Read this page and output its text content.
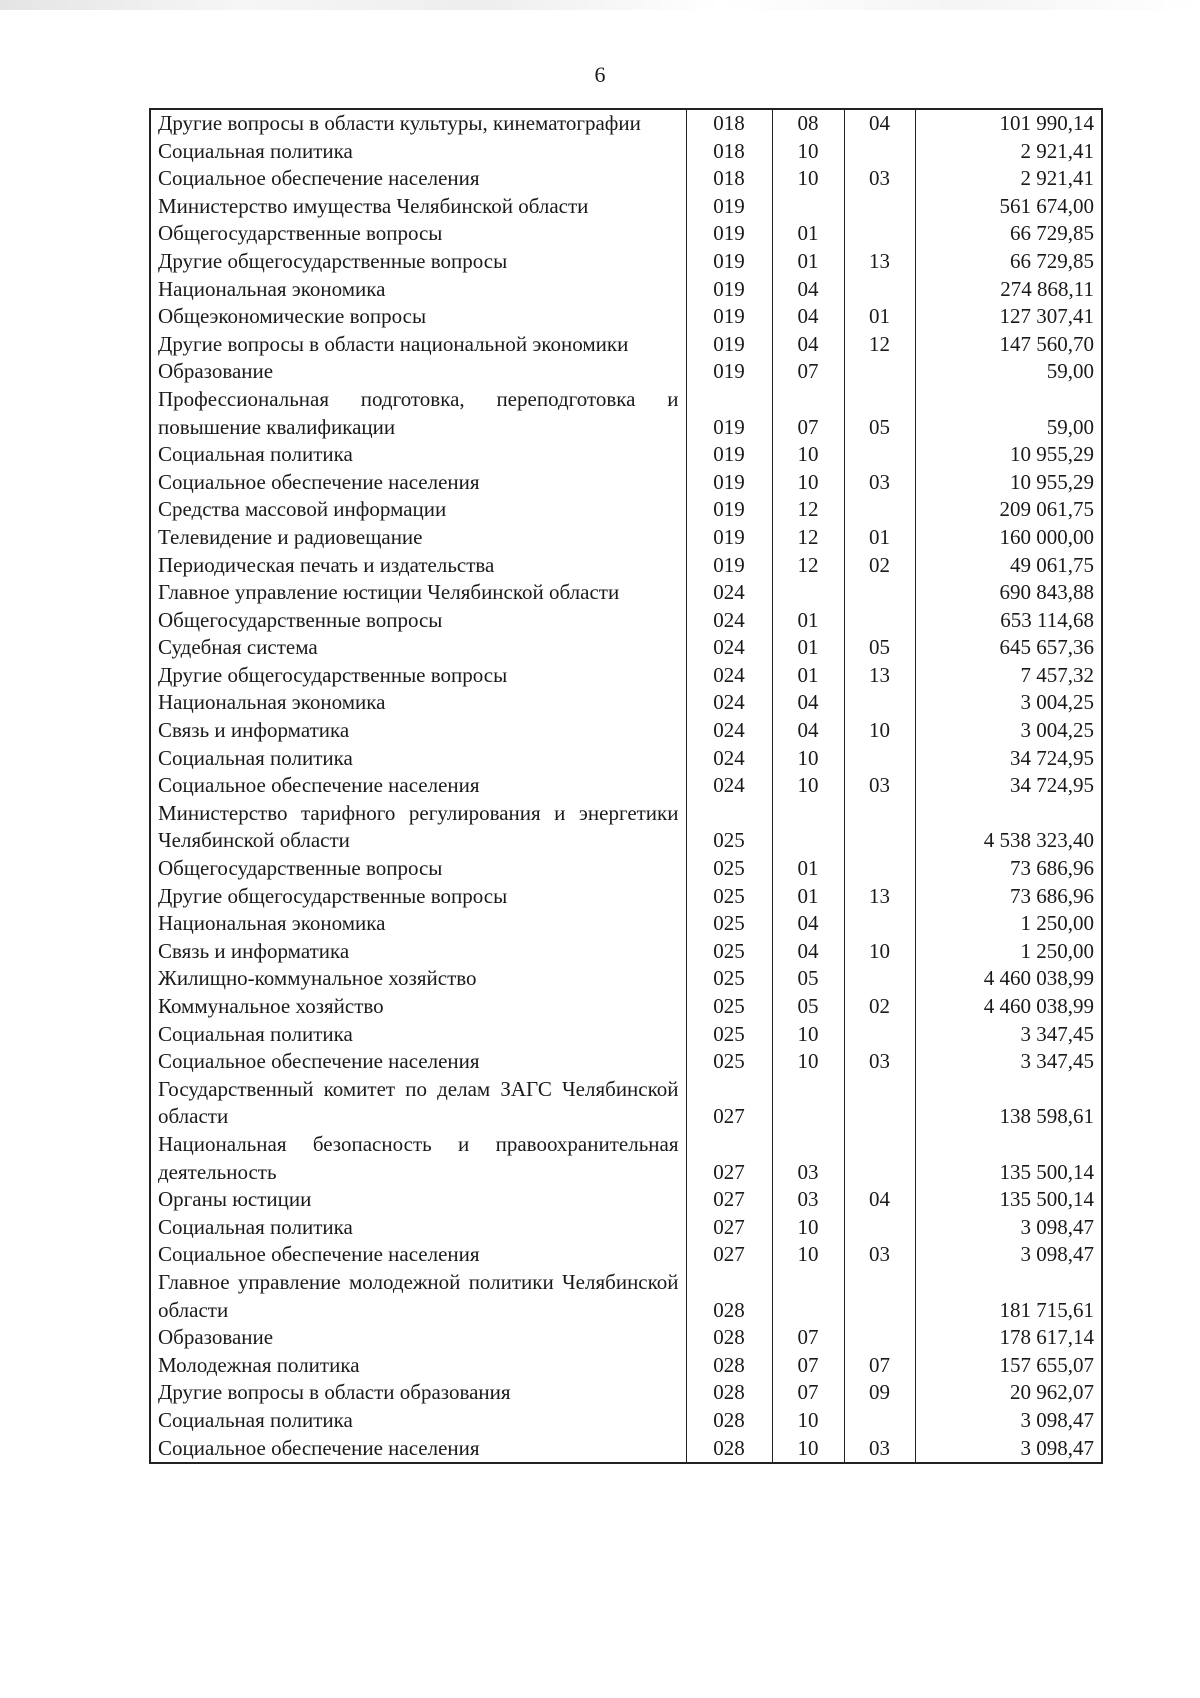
6
Другие вопросы в области культуры, кинематографии	018	08	04	101 990,14
Социальная политика	018	10		2 921,41
Социальное обеспечение населения	018	10	03	2 921,41
Министерство имущества Челябинской области	019			561 674,00
Общегосударственные вопросы	019	01		66 729,85
Другие общегосударственные вопросы	019	01	13	66 729,85
Национальная экономика	019	04		274 868,11
Общеэкономические вопросы	019	04	01	127 307,41
Другие вопросы в области национальной экономики	019	04	12	147 560,70
Образование	019	07		59,00
Профессиональная подготовка, переподготовка и повышение квалификации	019	07	05	59,00
Социальная политика	019	10		10 955,29
Социальное обеспечение населения	019	10	03	10 955,29
Средства массовой информации	019	12		209 061,75
Телевидение и радиовещание	019	12	01	160 000,00
Периодическая печать и издательства	019	12	02	49 061,75
Главное управление юстиции Челябинской области	024			690 843,88
Общегосударственные вопросы	024	01		653 114,68
Судебная система	024	01	05	645 657,36
Другие общегосударственные вопросы	024	01	13	7 457,32
Национальная экономика	024	04		3 004,25
Связь и информатика	024	04	10	3 004,25
Социальная политика	024	10		34 724,95
Социальное обеспечение населения	024	10	03	34 724,95
Министерство тарифного регулирования и энергетики Челябинской области	025			4 538 323,40
Общегосударственные вопросы	025	01		73 686,96
Другие общегосударственные вопросы	025	01	13	73 686,96
Национальная экономика	025	04		1 250,00
Связь и информатика	025	04	10	1 250,00
Жилищно-коммунальное хозяйство	025	05		4 460 038,99
Коммунальное хозяйство	025	05	02	4 460 038,99
Социальная политика	025	10		3 347,45
Социальное обеспечение населения	025	10	03	3 347,45
Государственный комитет по делам ЗАГС Челябинской области	027			138 598,61
Национальная безопасность и правоохранительная деятельность	027	03		135 500,14
Органы юстиции	027	03	04	135 500,14
Социальная политика	027	10		3 098,47
Социальное обеспечение населения	027	10	03	3 098,47
Главное управление молодежной политики Челябинской области	028			181 715,61
Образование	028	07		178 617,14
Молодежная политика	028	07	07	157 655,07
Другие вопросы в области образования	028	07	09	20 962,07
Социальная политика	028	10		3 098,47
Социальное обеспечение населения	028	10	03	3 098,47
